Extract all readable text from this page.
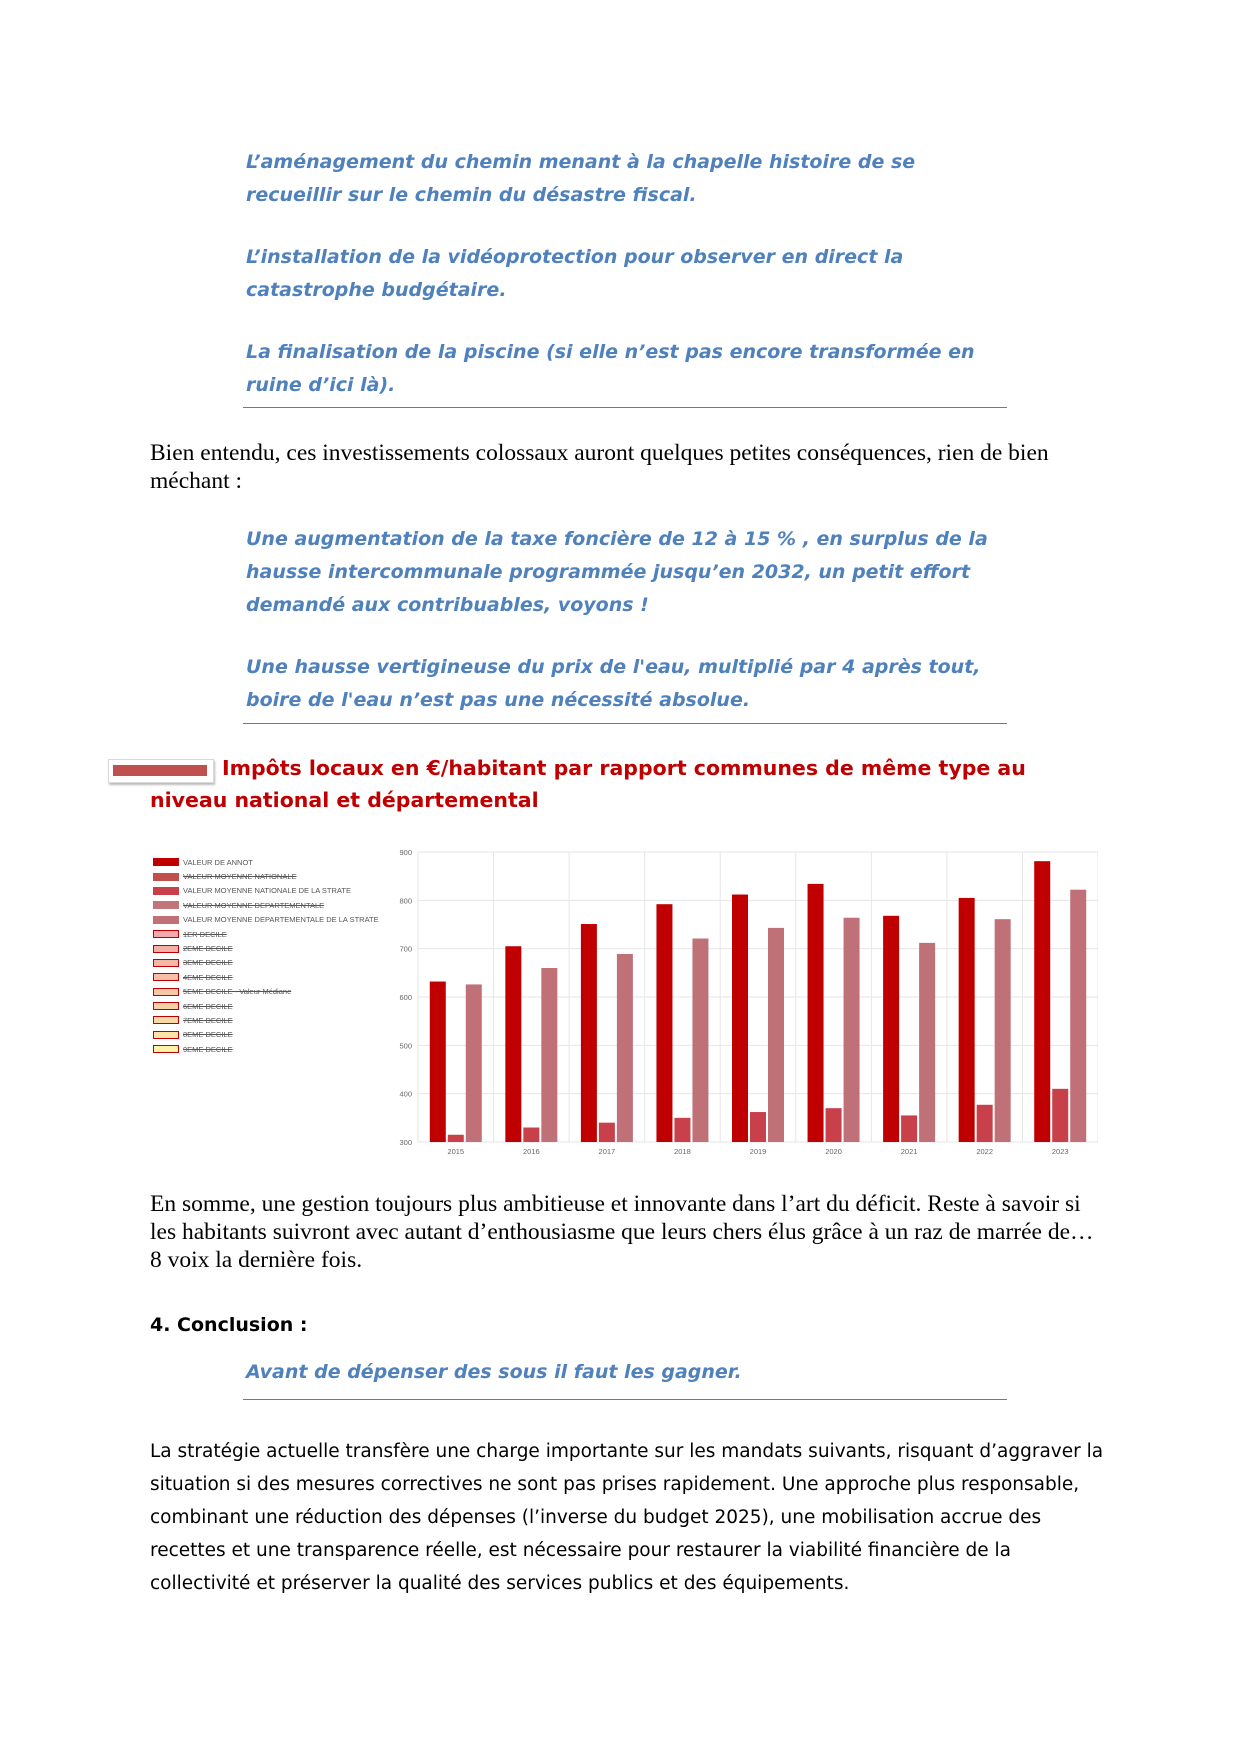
L’aménagement du chemin menant à la chapelle histoire de se recueillir sur le chemin du désastre fiscal.

L’installation de la vidéoprotection pour observer en direct la catastrophe budgétaire.

La finalisation de la piscine (si elle n’est pas encore transformée en ruine d’ici là).

Bien entendu, ces investissements colossaux auront quelques petites conséquences, rien de bien méchant :

Une augmentation de la taxe foncière de 12 à 15 % , en surplus de la hausse intercommunale programmée jusqu’en 2032, un petit effort demandé aux contribuables, voyons !

Une hausse vertigineuse du prix de l'eau, multiplié par 4 après tout, boire de l'eau n’est pas une nécessité absolue.

Impôts locaux en €/habitant par rapport communes de même type au niveau national et départemental
300
400
500
600
700
800
900
2015	2016	2017	2018	2019	2020	2021	2022	2023
VALEUR DE ANNOT
VALEUR MOYENNE NATIONALE
VALEUR MOYENNE NATIONALE DE LA STRATE
VALEUR MOYENNE DEPARTEMENTALE
VALEUR MOYENNE DEPARTEMENTALE DE LA STRATE
1ER DECILE
2EME DECILE
3EME DECILE
4EME DECILE
5EME DECILE - Valeur Médiane
6EME DECILE
7EME DECILE
8EME DECILE
9EME DECILE
En somme, une gestion toujours plus ambitieuse et innovante dans l’art du déficit. Reste à savoir si les habitants suivront avec autant d’enthousiasme que leurs chers élus grâce à un raz de marrée de…8 voix la dernière fois.
4. Conclusion :

Avant de dépenser des sous il faut les gagner.

La stratégie actuelle transfère une charge importante sur les mandats suivants, risquant d’aggraver la
situation si des mesures correctives ne sont pas prises rapidement. Une approche plus responsable,
combinant une réduction des dépenses (l’inverse du budget 2025), une mobilisation accrue des
recettes et une transparence réelle, est nécessaire pour restaurer la viabilité financière de la
collectivité et préserver la qualité des services publics et des équipements.
